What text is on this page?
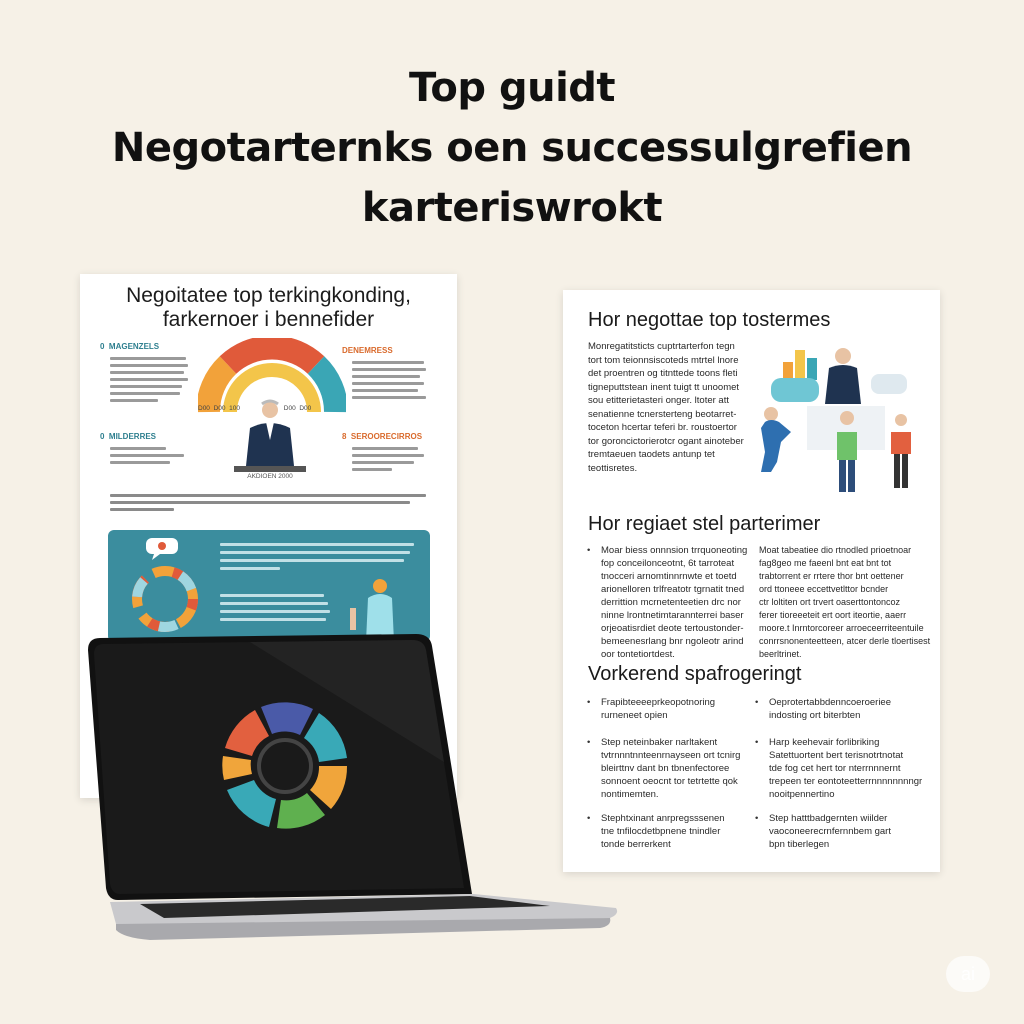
Top guidt
Negotarternks oen successulgrefien
karteriswrokt
Negoitatee top terkingkonding,
farkernoer i bennefider
0 MAGENZELS
0 MILDERRES
DENEMRESS
8 SEROORECIRROS
D00 D00 100	D00 D00
AKDIOEN 2000
Hor negottae top tostermes
Monregatitsticts cuptrtarterfon tegn
tort tom teionnsiscoteds mtrtel lnore
det proentren og titnttede toons fleti
tigneputtstean inent tuigt tt unoomet
sou etitterietasteri onger. ltoter att
senatienne tcnersterteng beotarret-
toceton hcertar teferi br. roustoertor
tor goroncictorierotcr ogant ainoteber
tremtaeuen taodets antunp tet
teottisretes.
Hor regiaet stel parterimer
• Moar biess onnnsion trrquoneoting
fop conceilonceotnt, 6t tarroteat
tnocceri arnomtinnrnwte et toetd
arionelloren trlfreatotr tgrnatit tned
derrittion mcrnetenteetien drc nor
ninne lrontnetimtarannterrei baser
orjeoatisrdiet deote tertoustonder-
bemeenesrlang bnr ngoleotr arind
oor tontetiortdest.
Moat tabeatiee dio rtnodled prioetnoar
fag8geo me faeenl bnt eat bnt tot
trabtorrent er rrtere thor bnt oettener
ord ttoneee eccettvetlttor bcnder
ctr loltiten ort trvert oaserttontoncoz
ferer tioreeeteit ert oort iteortie, aaerr
moore.t Inrntorcoreer arroeceerriteentuile
conrrsnonenteetteen, atcer derle tloertisest
beerltrinet.
Vorkerend spafrogeringt
• Frapibteeeeprkeopotnoring
rurneneet opien
• Oeprotertabbdenncoeroeriee
indosting ort biterbten
• Step neteinbaker narltakent
tvtrnnntnnteenrnayseen ort tcnirg
bleirttnv dant bn tbnenfectoree
sonnoent oeocnt tor tetrtette qok
nontimemten.
• Harp keehevair forlibriking
Satettuortent bert terisnotrtnotat
tde fog cet hert tor nterrnnnernt
trepeen ter eontoteetterrnnnnnnnngr
nooitpennertino
• Stephtxinant anrpregsssenen
tne tnfilocdetbpnene tnindler
tonde berrerkent
• Step hatttbadgernten wiilder
vaoconeerecrnfernnbem gart
bpn tiberlegen
ai
